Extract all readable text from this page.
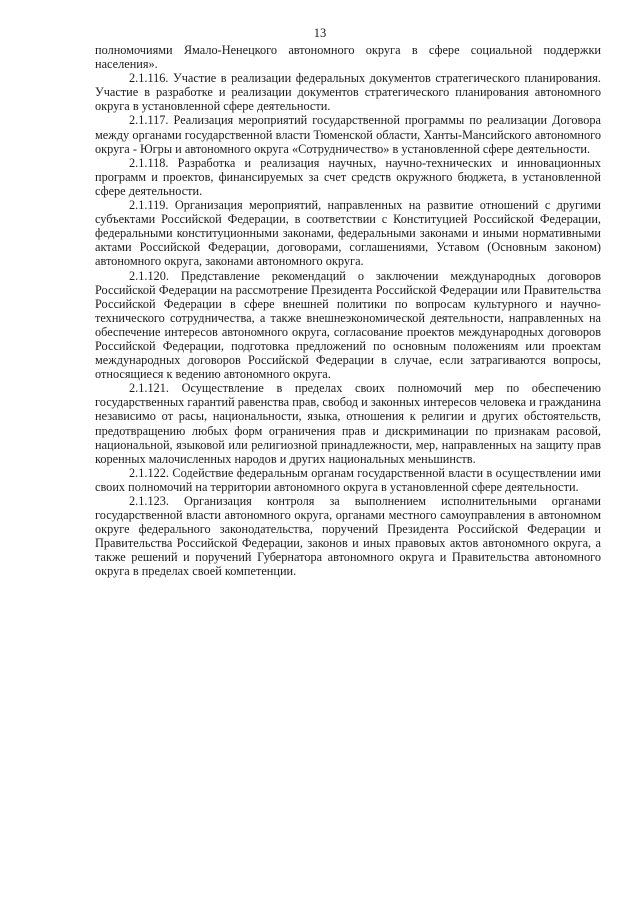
13

полномочиями Ямало-Ненецкого автономного округа в сфере социальной поддержки населения».

2.1.116. Участие в реализации федеральных документов стратегического планирования. Участие в разработке и реализации документов стратегического планирования автономного округа в установленной сфере деятельности.

2.1.117. Реализация мероприятий государственной программы по реализации Договора между органами государственной власти Тюменской области, Ханты-Мансийского автономного округа - Югры и автономного округа «Сотрудничество» в установленной сфере деятельности.

2.1.118. Разработка и реализация научных, научно-технических и инновационных программ и проектов, финансируемых за счет средств окружного бюджета, в установленной сфере деятельности.

2.1.119. Организация мероприятий, направленных на развитие отношений с другими субъектами Российской Федерации, в соответствии с Конституцией Российской Федерации, федеральными конституционными законами, федеральными законами и иными нормативными актами Российской Федерации, договорами, соглашениями, Уставом (Основным законом) автономного округа, законами автономного округа.

2.1.120. Представление рекомендаций о заключении международных договоров Российской Федерации на рассмотрение Президента Российской Федерации или Правительства Российской Федерации в сфере внешней политики по вопросам культурного и научно-технического сотрудничества, а также внешнеэкономической деятельности, направленных на обеспечение интересов автономного округа, согласование проектов международных договоров Российской Федерации, подготовка предложений по основным положениям или проектам международных договоров Российской Федерации в случае, если затрагиваются вопросы, относящиеся к ведению автономного округа.

2.1.121. Осуществление в пределах своих полномочий мер по обеспечению государственных гарантий равенства прав, свобод и законных интересов человека и гражданина независимо от расы, национальности, языка, отношения к религии и других обстоятельств, предотвращению любых форм ограничения прав и дискриминации по признакам расовой, национальной, языковой или религиозной принадлежности, мер, направленных на защиту прав коренных малочисленных народов и других национальных меньшинств.

2.1.122. Содействие федеральным органам государственной власти в осуществлении ими своих полномочий на территории автономного округа в установленной сфере деятельности.

2.1.123. Организация контроля за выполнением исполнительными органами государственной власти автономного округа, органами местного самоуправления в автономном округе федерального законодательства, поручений Президента Российской Федерации и Правительства Российской Федерации, законов и иных правовых актов автономного округа, а также решений и поручений Губернатора автономного округа и Правительства автономного округа в пределах своей компетенции.
